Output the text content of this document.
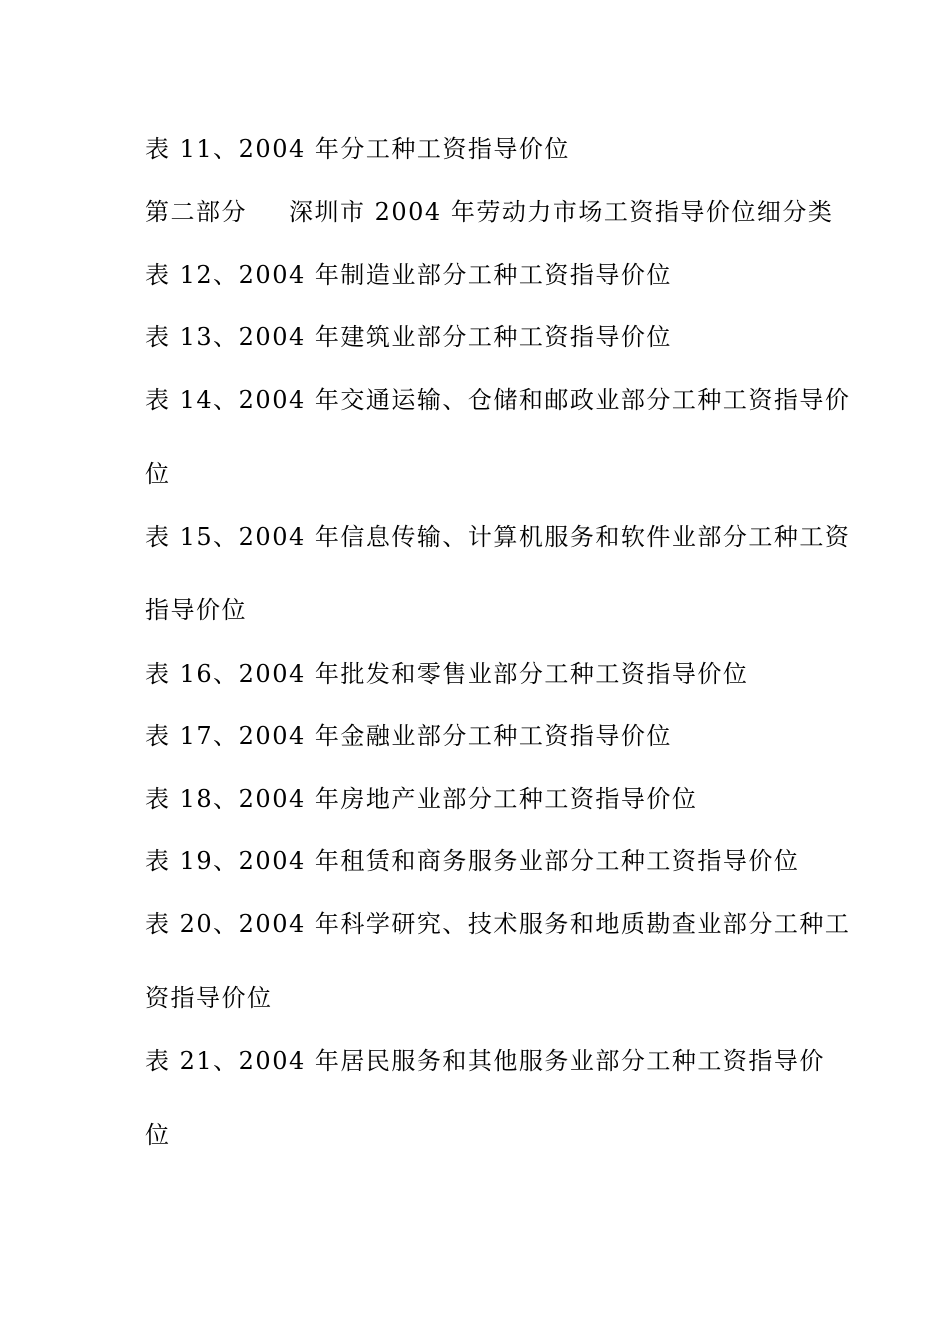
表 11、2004 年分工种工资指导价位

第二部分 深圳市 2004 年劳动力市场工资指导价位细分类

表 12、2004 年制造业部分工种工资指导价位

表 13、2004 年建筑业部分工种工资指导价位

表 14、2004 年交通运输、仓储和邮政业部分工种工资指导价

位

表 15、2004 年信息传输、计算机服务和软件业部分工种工资

指导价位

表 16、2004 年批发和零售业部分工种工资指导价位

表 17、2004 年金融业部分工种工资指导价位

表 18、2004 年房地产业部分工种工资指导价位

表 19、2004 年租赁和商务服务业部分工种工资指导价位

表 20、2004 年科学研究、技术服务和地质勘查业部分工种工

资指导价位

表 21、2004 年居民服务和其他服务业部分工种工资指导价

位
